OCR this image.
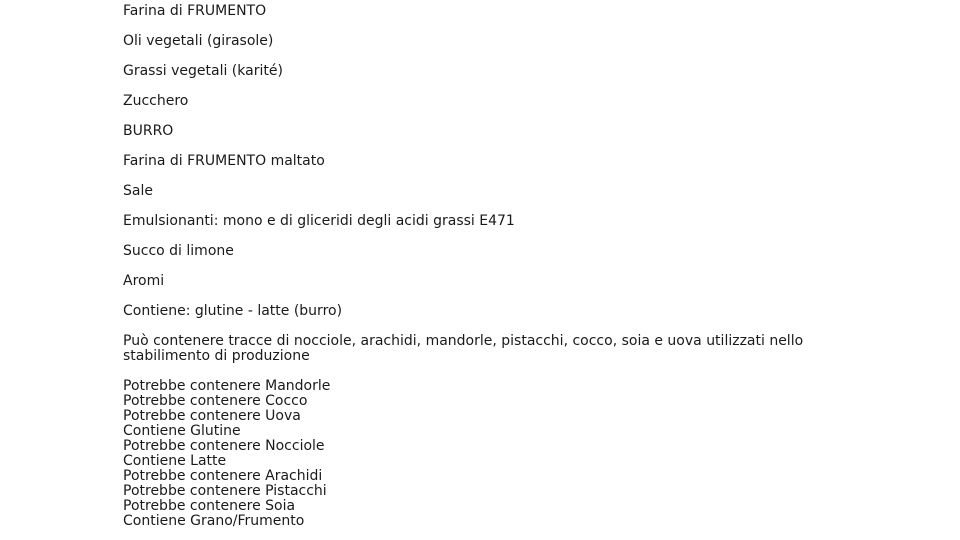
Farina di FRUMENTO
Oli vegetali (girasole)
Grassi vegetali (karité)
Zucchero
BURRO
Farina di FRUMENTO maltato
Sale
Emulsionanti: mono e di gliceridi degli acidi grassi E471
Succo di limone
Aromi
Contiene: glutine - latte (burro)
Può contenere tracce di nocciole, arachidi, mandorle, pistacchi, cocco, soia e uova utilizzati nello stabilimento di produzione
Potrebbe contenere Mandorle
Potrebbe contenere Cocco
Potrebbe contenere Uova
Contiene Glutine
Potrebbe contenere Nocciole
Contiene Latte
Potrebbe contenere Arachidi
Potrebbe contenere Pistacchi
Potrebbe contenere Soia
Contiene Grano/Frumento
